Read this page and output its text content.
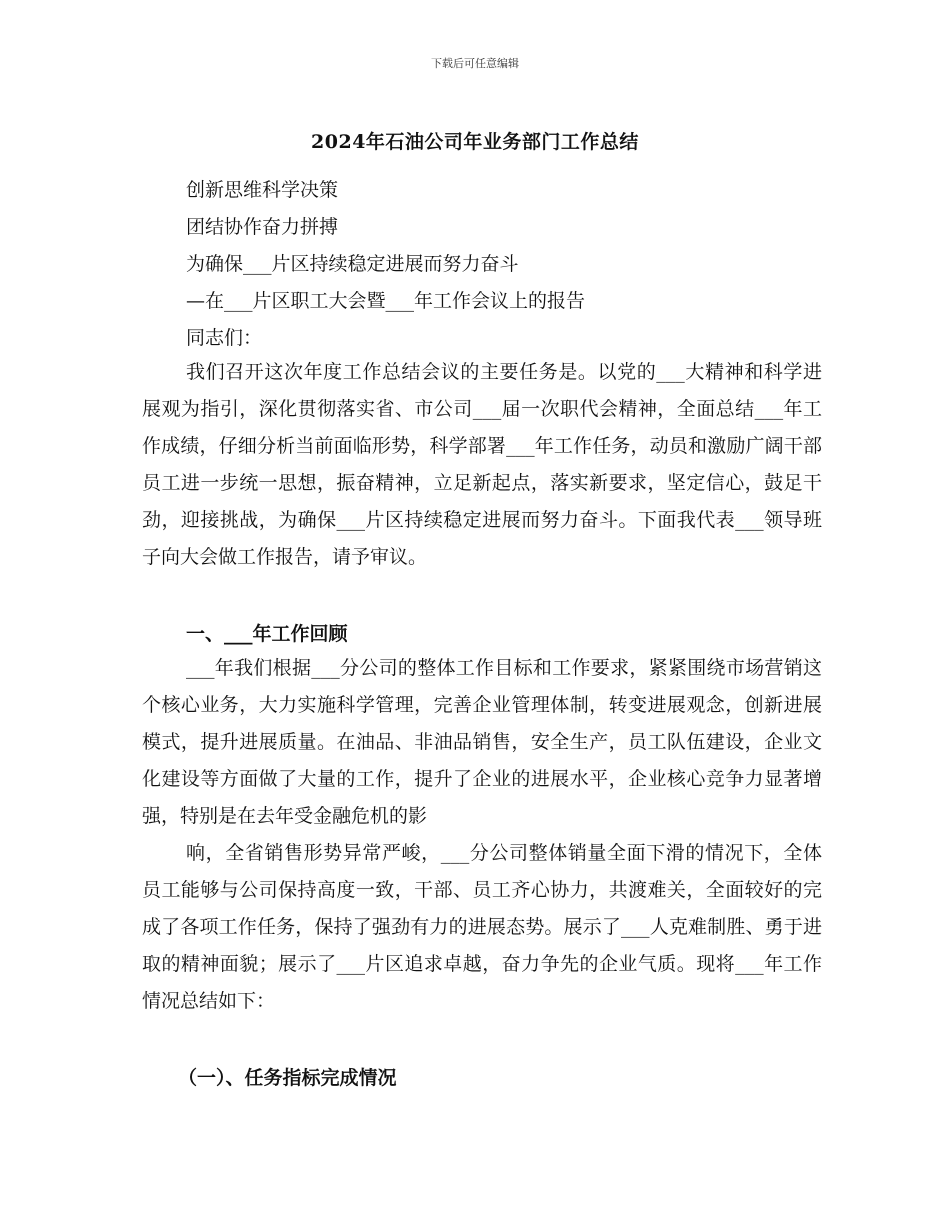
下载后可任意编辑
2024年石油公司年业务部门工作总结
创新思维科学决策
团结协作奋力拼搏
为确保___片区持续稳定进展而努力奋斗
—在___片区职工大会暨___年工作会议上的报告
同志们：

我们召开这次年度工作总结会议的主要任务是。以党的___大精神和科学进展观为指引，深化贯彻落实省、市公司___届一次职代会精神，全面总结___年工作成绩，仔细分析当前面临形势，科学部署___年工作任务，动员和激励广阔干部员工进一步统一思想，振奋精神，立足新起点，落实新要求，坚定信心，鼓足干劲，迎接挑战，为确保___片区持续稳定进展而努力奋斗。下面我代表___领导班子向大会做工作报告，请予审议。

一、___年工作回顾

___年我们根据___分公司的整体工作目标和工作要求，紧紧围绕市场营销这个核心业务，大力实施科学管理，完善企业管理体制，转变进展观念，创新进展模式，提升进展质量。在油品、非油品销售，安全生产，员工队伍建设，企业文化建设等方面做了大量的工作，提升了企业的进展水平，企业核心竞争力显著增强，特别是在去年受金融危机的影

响，全省销售形势异常严峻，___分公司整体销量全面下滑的情况下，全体员工能够与公司保持高度一致，干部、员工齐心协力，共渡难关，全面较好的完成了各项工作任务，保持了强劲有力的进展态势。展示了___人克难制胜、勇于进取的精神面貌；展示了___片区追求卓越，奋力争先的企业气质。现将___年工作情况总结如下：

（一）、任务指标完成情况
